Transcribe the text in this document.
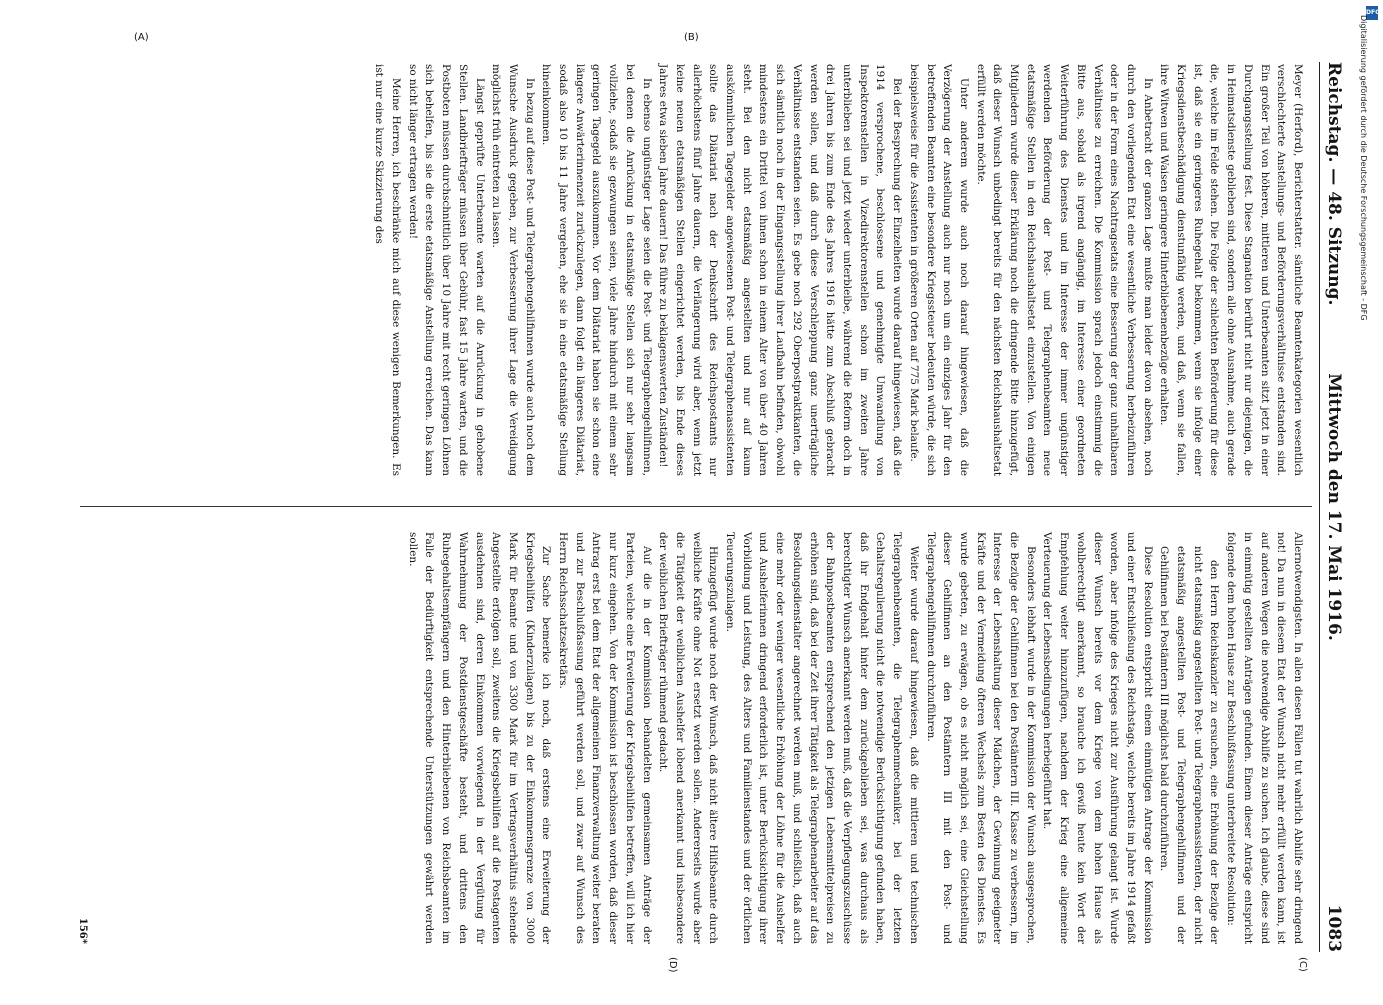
Reichstag. — 48. Sitzung.
Mittwoch den 17. Mai 1916.
1083
(A)	(B)
(C)
(D)

Meyer (Herford), Berichterstatter. sämtliche Beamtenkategorien wesentlich verschlechterte Anstellungs- und Beförderungsverhältnisse entstanden sind. Ein großer Teil von höheren, mittleren und Unterbeamten sitzt jetzt in einer Durchgangsstellung fest. Diese Stagnation berührt nicht nur diejenigen, die in Heimatsdienste geblieben sind, sondern alle ohne Ausnahme, auch gerade die, welche im Felde stehen. Die Folge der schlechten Beförderung für diese ist, daß sie ein geringeres Ruhegehalt bekommen, wenn sie infolge einer Kriegsdienstbeschädigung dienstunfähig werden, und daß, wenn sie fallen, ihre Witwen und Waisen geringere Hinterbliebenenbezüge erhalten.

In Anbetracht der ganzen Lage mußte man leider davon absehen, noch durch den vorliegenden Etat eine wesentliche Verbesserung herbeizuführen oder in der Form eines Nachtragsetats eine Besserung der ganz unhaltbaren Verhältnisse zu erreichen. Die Kommission sprach jedoch einstimmig die Bitte aus, sobald als irgend angängig, im Interesse einer geordneten Weiterführung des Dienstes und im Interesse der immer ungünstiger werdenden Beförderung der Post- und Telegraphenbeamten neue etatsmäßige Stellen in den Reichshaushaltsetat einzustellen. Von einigen Mitgliedern wurde dieser Erklärung noch die dringende Bitte hinzugefügt, daß dieser Wunsch unbedingt bereits für den nächsten Reichshaushaltsetat erfüllt werden möchte.

Unter anderem wurde auch noch darauf hingewiesen, daß die Verzögerung der Anstellung auch nur noch um ein einziges Jahr für den betreffenden Beamten eine besondere Kriegssteuer bedeuten würde, die sich beispielsweise für die Assistenten in größeren Orten auf 775 Mark belaufe.

Bei der Besprechung der Einzelheiten wurde darauf hingewiesen, daß die 1914 versprochene, beschlossene und genehmigte Umwandlung von Inspektorenstellen in Vizedirektorenstellen schon im zweiten Jahre unterblieben sei und jetzt wieder unterbleibe, während die Reform doch in drei Jahren bis zum Ende des Jahres 1916 hätte zum Abschluß gebracht werden sollen, und daß durch diese Verschleppung ganz unerträgliche Verhältnisse entstanden seien. Es gebe noch 292 Oberpostpraktikanten, die sich sämtlich noch in der Eingangsstellung ihrer Laufbahn befinden, obwohl mindestens ein Drittel von ihnen schon in einem Alter von über 40 Jahren steht. Bei den nicht etatsmäßig angestellten und nur auf kaum auskömmlichen Tagegelder angewiesenen Post- und Telegraphenassistenten sollte das Diätariat nach der Denkschrift des Reichspostamts nur allerhöchstens fünf Jahre dauern, die Verlängerung wird aber, wenn jetzt keine neuen etatsmäßigen Stellen eingerichtet werden, bis Ende dieses Jahres etwa sieben Jahre dauern! Das führe zu beklagenswerten Zuständen!

In ebenso ungünstiger Lage seien die Post- und Telegraphengehilfinnen, bei denen die Anrückung in etatsmäßige Stellen sich nur sehr langsam vollziehe, sodaß sie gezwungen seien, viele Jahre hindurch mit einem sehr geringen Tagegeld auszukommen. Vor dem Diätariat haben sie schon eine längere Anwärterinnenzeit zurückzulegen, dann folgt ein längeres Diätariat, sodaß also 10 bis 11 Jahre vergehen, ehe sie in eine etatsmäßige Stellung hineinkommen.

In bezug auf diese Post- und Telegraphengehilfinnen wurde auch noch dem Wunsche Ausdruck gegeben, zur Verbesserung ihrer Lage die Vereidigung möglichst früh eintreten zu lassen.

Längst geprüfte Unterbeamte warten auf die Anrückung in gehobene Stellen. Landbriefträger müssen über Gebühr, fast 15 Jahre warten, und die Postboten müssen durchschnittlich über 10 Jahre mit recht geringen Löhnen sich behelfen, bis sie die erste etatsmäßige Anstellung erreichen. Das kann so nicht länger ertragen werden!

Meine Herren, ich beschränke mich auf diese wenigen Bemerkungen. Es ist nur eine kurze Skizzierung des

Allernotwendigsten. In allen diesen Fällen tut wahrlich Abhilfe sehr dringend not! Da nun in diesem Etat der Wunsch nicht mehr erfüllt werden kann, ist auf anderen Wegen die notwendige Abhilfe zu suchen. Ich glaube, diese sind in einmütig gestellten Anträgen gefunden. Einem dieser Anträge entspricht folgende dem hohen Hause zur Beschlußfassung unterbreitete Resolution:

den Herrn Reichskanzler zu ersuchen, eine Erhöhung der Bezüge der nicht etatsmäßig angestellten Post- und Telegraphenassistenten, der nicht etatsmäßig angestellten Post- und Telegraphengehilfinnen und der Gehilfinnen bei Postämtern III möglichst bald durchzuführen.

Diese Resolution entspricht einem einmütigen Antrage der Kommission und einer Entschließung des Reichstags, welche bereits im Jahre 1914 gefaßt worden, aber infolge des Krieges nicht zur Ausführung gelangt ist. Wurde dieser Wunsch bereits vor dem Kriege von dem hohen Hause als wohlberechtigt anerkannt, so brauche ich gewiß heute kein Wort der Empfehlung weiter hinzuzufügen, nachdem der Krieg eine allgemeine Verteuerung der Lebensbedingungen herbeigeführt hat.

Besonders lebhaft wurde in der Kommission der Wunsch ausgesprochen, die Bezüge der Gehilfinnen bei den Postämtern III. Klasse zu verbessern, im Interesse der Lebenshaltung dieser Mädchen, der Gewinnung geeigneter Kräfte und der Vermeidung öfteren Wechsels zum Besten des Dienstes. Es wurde gebeten, zu erwägen, ob es nicht möglich sei, eine Gleichstellung dieser Gehilfinnen an den Postämtern III mit den Post- und Telegraphengehilfinnen durchzuführen.

Weiter wurde darauf hingewiesen, daß die mittleren und technischen Telegraphenbeamten, die Telegraphenmechaniker, bei der letzten Gehaltsregulierung nicht die notwendige Berücksichtigung gefunden haben, daß ihr Endgehalt hinter dem zurückgeblieben sei, was durchaus als berechtigter Wunsch anerkannt werden muß, daß die Verpflegungszuschüsse der Bahnpostbeamten entsprechend den jetzigen Lebensmittelpreisen zu erhöhen sind, daß bei der Zeit ihrer Tätigkeit als Telegraphenarbeiter auf das Besoldungsdienstalter angerechnet werden muß, und schließlich, daß auch eine mehr oder weniger wesentliche Erhöhung der Löhne für die Aushelfer und Aushelferinnen dringend erforderlich ist, unter Berücksichtigung ihrer Vorbildung und Leistung, des Alters und Familienstandes und der örtlichen Teuerungszulagen.

Hinzugefügt wurde noch der Wunsch, daß nicht ältere Hilfsbeamte durch weibliche Kräfte ohne Not ersetzt werden sollen. Andererseits wurde aber die Tätigkeit der weiblichen Aushelfer lobend anerkannt und insbesondere der weiblichen Briefträger rühmend gedacht.

Auf die in der Kommission behandelten gemeinsamen Anträge der Parteien, welche eine Erweiterung der Kriegsbeihilfen betreffen, will ich hier nur kurz eingehen. Von der Kommission ist beschlossen worden, daß dieser Antrag erst bei dem Etat der allgemeinen Finanzverwaltung weiter beraten und zur Beschlußfassung geführt werden soll, und zwar auf Wunsch des Herrn Reichsschatzsekretärs.

Zur Sache bemerke ich noch, daß erstens eine Erweiterung der Kriegsbeihilfen (Kinderzulagen) bis zu der Einkommensgrenze von 3000 Mark für Beamte und von 3300 Mark für im Vertragsverhältnis stehende Angestellte erfolgen soll, zweitens die Kriegsbeihilfen auf die Postagenten ausdehnen sind, deren Einkommen vorwiegend in der Vergütung für Wahrnehmung der Postdienstgeschäfte besteht, und drittens den Ruhegehaltsempfängern und den Hinterbliebenen von Reichsbeamten im Falle der Bedürftigkeit entsprechende Unterstützungen gewährt werden sollen.

156*
DFG
Digitalisierung gefördert durch die Deutsche Forschungsgemeinschaft - DFG
